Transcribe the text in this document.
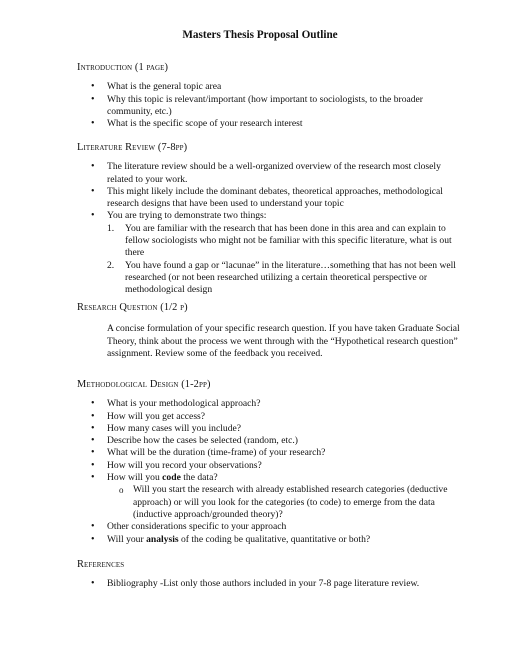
Masters Thesis Proposal Outline
Introduction (1 page)
• What is the general topic area
• Why this topic is relevant/important (how important to sociologists, to the broader community, etc.)
• What is the specific scope of your research interest
Literature Review (7-8pp)
• The literature review should be a well-organized overview of the research most closely related to your work.
• This might likely include the dominant debates, theoretical approaches, methodological research designs that have been used to understand your topic
• You are trying to demonstrate two things:
1. You are familiar with the research that has been done in this area and can explain to fellow sociologists who might not be familiar with this specific literature, what is out there
2. You have found a gap or “lacunae” in the literature…something that has not been well researched (or not been researched utilizing a certain theoretical perspective or methodological design
Research Question (1/2 p)

A concise formulation of your specific research question. If you have taken Graduate Social Theory, think about the process we went through with the “Hypothetical research question” assignment. Review some of the feedback you received.

Methodological Design (1-2pp)
• What is your methodological approach?
• How will you get access?
• How many cases will you include?
• Describe how the cases be selected (random, etc.)
• What will be the duration (time-frame) of your research?
• How will you record your observations?
• How will you code the data?
o Will you start the research with already established research categories (deductive approach) or will you look for the categories (to code) to emerge from the data (inductive approach/grounded theory)?
• Other considerations specific to your approach
• Will your analysis of the coding be qualitative, quantitative or both?
References
• Bibliography -List only those authors included in your 7-8 page literature review.
